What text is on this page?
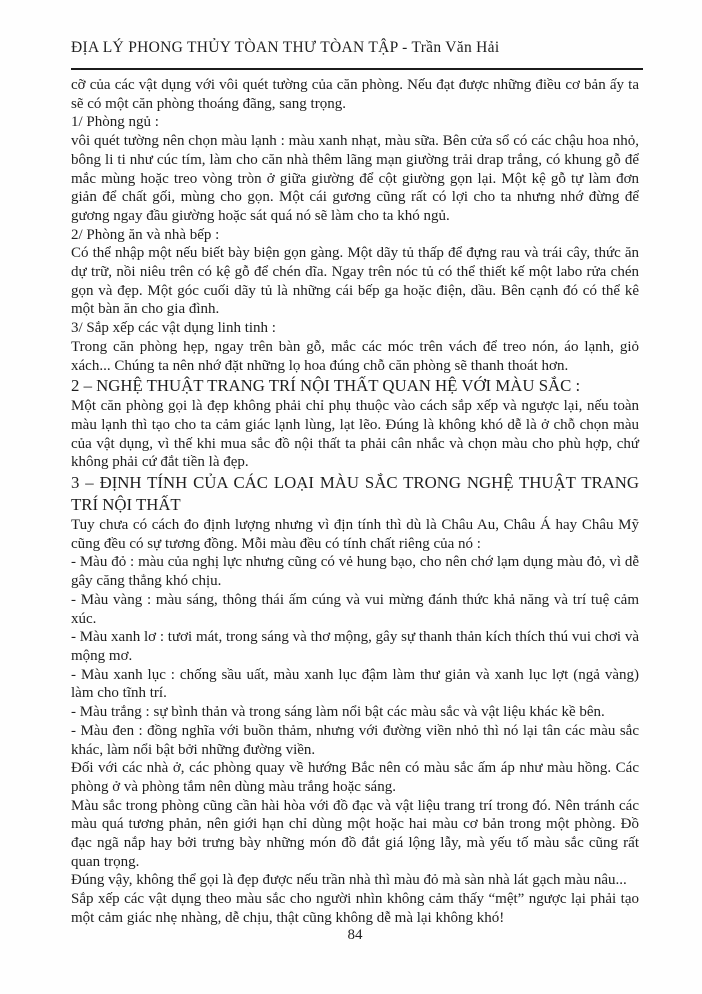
ĐỊA LÝ PHONG THỦY TÒAN THƯ TÒAN TẬP - Trần Văn Hải

cỡ của các vật dụng với vôi quét tường của căn phòng. Nếu đạt được những điều cơ bản ấy ta sẽ có một căn phòng thoáng đãng, sang trọng.

1/ Phòng ngủ :

vôi quét tường nên chọn màu lạnh : màu xanh nhạt, màu sữa. Bên cửa sổ có các chậu hoa nhỏ, bông li ti như cúc tím, làm cho căn nhà thêm lãng mạn giường trải drap trắng, có khung gỗ để mắc mùng hoặc treo vòng tròn ở giữa giường để cột giường gọn lại. Một kệ gỗ tự làm đơn giản để chất gối, mùng cho gọn. Một cái gương cũng rất có lợi cho ta nhưng nhớ đừng để gương ngay đầu giường hoặc sát quá nó sẽ làm cho ta khó ngủ.

2/ Phòng ăn và nhà bếp :

Có thể nhập một nếu biết bày biện gọn gàng. Một dãy tủ thấp để đựng rau và trái cây, thức ăn dự trữ, nồi niêu trên có kệ gỗ để chén dĩa. Ngay trên nóc tủ có thể thiết kế một labo rửa chén gọn và đẹp. Một góc cuối dãy tủ là những cái bếp ga hoặc điện, dầu. Bên cạnh đó có thể kê một bàn ăn cho gia đình.

3/ Sắp xếp các vật dụng linh tinh :

Trong căn phòng hẹp, ngay trên bàn gỗ, mắc các móc trên vách để treo nón, áo lạnh, giỏ xách... Chúng ta nên nhớ đặt những lọ hoa đúng chỗ căn phòng sẽ thanh thoát hơn.

2 – NGHỆ THUẬT TRANG TRÍ NỘI THẤT QUAN HỆ VỚI MÀU SẮC :

Một căn phòng gọi là đẹp không phải chỉ phụ thuộc vào cách sắp xếp và ngược lại, nếu toàn màu lạnh thì tạo cho ta cảm giác lạnh lùng, lạt lẽo. Đúng là không khó dễ là ở chỗ chọn màu của vật dụng, vì thế khi mua sắc đồ nội thất ta phải cân nhắc và chọn màu cho phù hợp, chứ không phải cứ đắt tiền là đẹp.

3 – ĐỊNH TÍNH CỦA CÁC LOẠI MÀU SẮC TRONG NGHỆ THUẬT TRANG TRÍ NỘI THẤT

Tuy chưa có cách đo định lượng nhưng vì địn tính thì dù là Châu Au, Châu Á hay Châu Mỹ cũng đều có sự tương đồng. Mỗi màu đều có tính chất riêng của nó :

- Màu đỏ : màu của nghị lực nhưng cũng có vẻ hung bạo, cho nên chớ lạm dụng màu đỏ, vì dễ gây căng thẳng khó chịu.

- Màu vàng : màu sáng, thông thái ấm cúng và vui mừng đánh thức khả năng và trí tuệ cảm xúc.

- Màu xanh lơ : tươi mát, trong sáng và thơ mộng, gây sự thanh thản kích thích thú vui chơi và mộng mơ.

- Màu xanh lục : chống sầu uất, màu xanh lục đậm làm thư giản và xanh lục lợt (ngả vàng) làm cho tĩnh trí.

- Màu trắng : sự bình thản và trong sáng làm nổi bật các màu sắc và vật liệu khác kề bên.

- Màu đen : đồng nghĩa với buồn thảm, nhưng với đường viền nhỏ thì nó lại tân các màu sắc khác, làm nổi bật bởi những đường viền.

Đối với các nhà ở, các phòng quay về hướng Bắc nên có màu sắc ấm áp như màu hồng. Các phòng ở và phòng tắm nên dùng màu trắng hoặc sáng.

Màu sắc trong phòng cũng cần hài hòa với đồ đạc và vật liệu trang trí trong đó. Nên tránh các màu quá tương phản, nên giới hạn chỉ dùng một hoặc hai màu cơ bản trong một phòng. Đồ đạc ngã nắp hay bởi trưng bày những món đồ đắt giá lộng lẫy, mà yếu tố màu sắc cũng rất quan trọng.

Đúng vậy, không thể gọi là đẹp được nếu trần nhà thì màu đỏ mà sàn nhà lát gạch màu nâu...

Sắp xếp các vật dụng theo màu sắc cho người nhìn không cảm thấy “mệt” ngược lại phải tạo một cảm giác nhẹ nhàng, dễ chịu, thật cũng không dễ mà lại không khó!

84
